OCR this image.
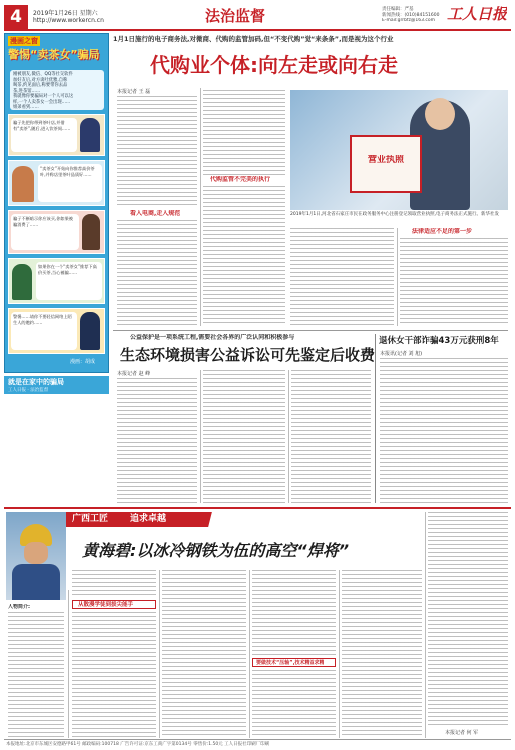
4	2019年1月26日 星期六
http://www.workercn.cn	法治监督	责任编辑：严基
新闻热线：(010)84151600
E-mail:grrbfz@163.com 工人日报
漫画之窗
警惕“卖茶女”骗局
刚被朋友,微信、QQ等社交软件
加好友后,对方谈吐优雅,自称
喝茶,约见面后,称要带你去品
茶,进茶馆……
我就像你要骗局对一个人可以这
样,一个人卖茶女一会出现……
姐弟看到……
骗子先把你带到茶叶店,并借有“卖茶”,随后,进入饮茶间……
“卖茶女”开始向你推荐高价茶叶,并称店里茶叶品质好……
骗子不断暗示你应该买,你如果被骗消费了……
如果你在一个“卖茶女”推荐下高价买茶,当心被骗……
警惕……请你不要轻信网络上陌生人的邀约……
漫画：胡成
就是在家中的骗局
工人日报 · 法治监督
1月1日施行的电子商务法,对微商、代购的监管加码,但“不变代购”觉“来条条”,而是视为这个行业
代购业个体:向左走或向右走
本报记者 王 磊
看入电商,走入规范
代购监管不完美的执行
营业执照
2019年1月1日,河北省石家庄市民在政务服务中心注册登记领取营业执照,电子商务法正式施行。新华社发
法律适应不足的第一步
公益保护是一项系统工程,需要社会各界的广泛认同和积极参与
生态环境损害公益诉讼可先鉴定后收费
本报记者 赵 峰
退休女干部诈骗43万元获刑8年
本报讯(记者 刘 旭)
广西工匠 追求卓越
黄海碧:以冰冷钢铁为伍的高空“焊将”
人物简介:	从散漫学徒到拔尖能手
要做技术“压轴”,技术精益求精
本报记者 何 军
本报地址:北京市东城区安德路甲61号 邮政编码:100718 广告许可证:京东工商广字第0134号 零售价:1.50元 工人日报社印刷厂印刷
